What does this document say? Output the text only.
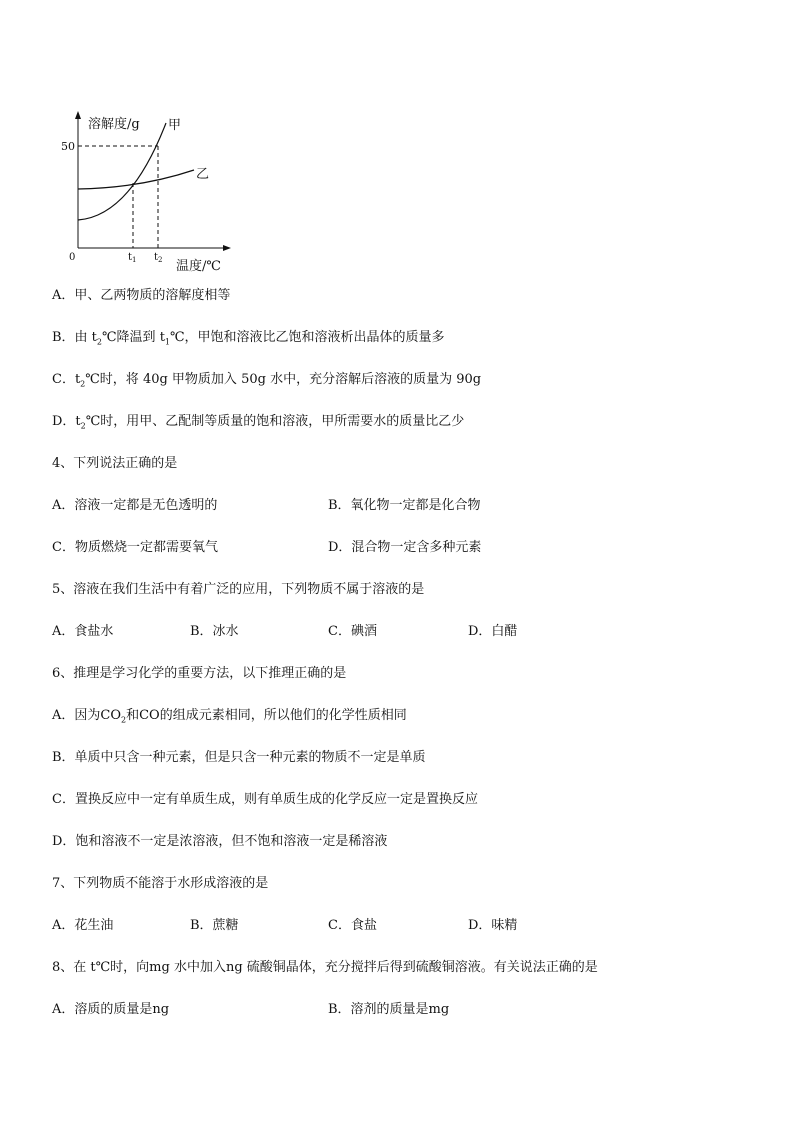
溶解度/g 甲
乙
50
0	$t_1$ $t_2$ 温度/℃
A．甲、乙两物质的溶解度相等
B．由 $t_2℃$降温到 $t_1℃$，甲饱和溶液比乙饱和溶液析出晶体的质量多
C．$t_2℃$时，将 40g 甲物质加入 50g 水中，充分溶解后溶液的质量为 90g
D．$t_2℃$时，用甲、乙配制等质量的饱和溶液，甲所需要水的质量比乙少
4、下列说法正确的是
A．溶液一定都是无色透明的	B．氧化物一定都是化合物
C．物质燃烧一定都需要氧气	D．混合物一定含多种元素
5、溶液在我们生活中有着广泛的应用，下列物质不属于溶液的是
A．食盐水	B．冰水	C．碘酒	D．白醋
6、推理是学习化学的重要方法，以下推理正确的是
A．因为$CO_2$和CO的组成元素相同，所以他们的化学性质相同
B．单质中只含一种元素，但是只含一种元素的物质不一定是单质
C．置换反应中一定有单质生成，则有单质生成的化学反应一定是置换反应
D．饱和溶液不一定是浓溶液，但不饱和溶液一定是稀溶液
7、下列物质不能溶于水形成溶液的是
A．花生油	B．蔗糖	C．食盐	D．味精
8、在 t℃时，向mg 水中加入ng 硫酸铜晶体，充分搅拌后得到硫酸铜溶液。有关说法正确的是
A．溶质的质量是ng	B．溶剂的质量是mg
